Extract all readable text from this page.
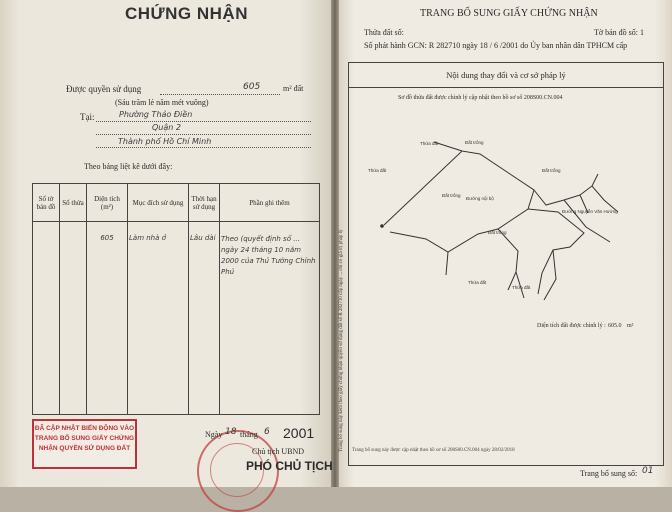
CHỨNG NHẬN
Được quyền sử dụng	605	m² đất
(Sáu trăm lẻ năm mét vuông)
Tại:	Phường Thảo Điền
Quận 2
Thành phố Hồ Chí Minh
Theo bảng liệt kê dưới đây:
Số tờ bản đồ	Số thửa	Diện tích (m²)	Mục đích sử dụng	Thời hạn sử dụng	Phần ghi thêm
		605	Làm nhà ở	Lâu dài	Theo (quyết định số ... ngày 24 tháng 10 năm 2000 của Thủ Tướng Chính Phủ
ĐÃ CẬP NHẬT BIẾN ĐỘNG VÀO
TRANG BỔ SUNG GIẤY CHỨNG
NHẬN QUYỀN SỬ DỤNG ĐẤT
Ngày 18 tháng 6 2001
Chủ tịch UBND
PHÓ CHỦ TỊCH
TRANG BỔ SUNG GIẤY CHỨNG NHẬN
Thửa đất số:	Tờ bản đồ số: 1
Số phát hành GCN: R 282710 ngày 18 / 6 /2001 do Ủy ban nhân dân TPHCM cấp
Nội dung thay đổi và cơ sở pháp lý
Sơ đồ thửa đất được chỉnh lý cập nhật theo hồ sơ số 208S00.CN.004
Thửa đất	Đất trống
Thửa đất
Đất trống
Đường nội bộ
Đất trống
Đường Nguyễn Văn Hưởng
Đất trống
Thửa đất
Thửa đất
Diện tích đất được chỉnh lý : 605.0 m²
Trang bổ sung này kèm theo giấy chứng nhận quyền sử dụng đất số R 282710 cấp ngày ... chỉ có giá trị pháp lý Trang bổ sung này được cập nhật theo hồ sơ số 208S00.CN.004 ngày 28/02/2018
Trang bổ sung số: 01
